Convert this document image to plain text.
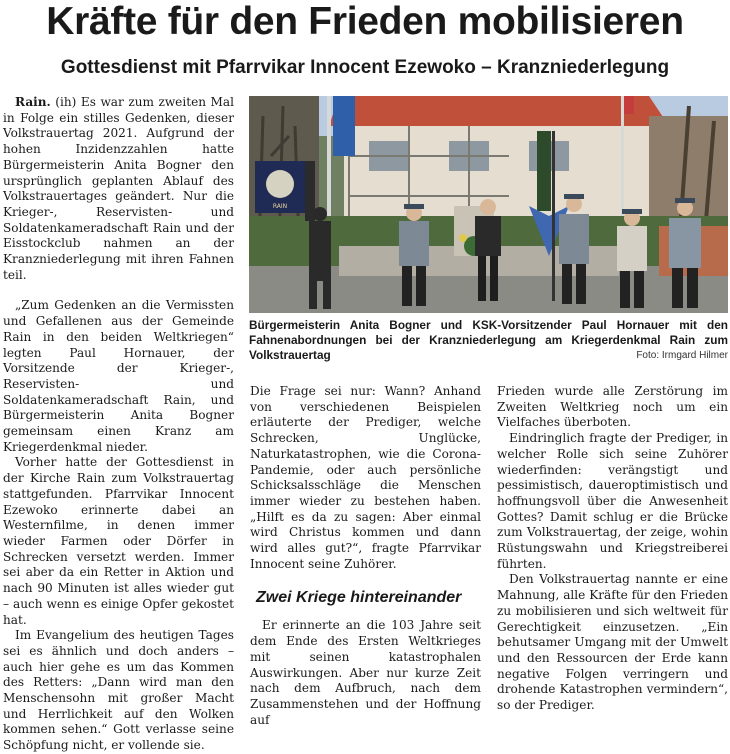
Kräfte für den Frieden mobilisieren
Gottesdienst mit Pfarrvikar Innocent Ezewoko – Kranzniederlegung

Rain. (ih) Es war zum zweiten Mal in Folge ein stilles Gedenken, dieser Volkstrauertag 2021. Aufgrund der hohen Inzidenzzahlen hatte Bürgermeisterin Anita Bogner den ursprünglich geplanten Ablauf des Volkstrauertages geändert. Nur die Krieger-, Reservisten- und Soldatenkameradschaft Rain und der Eisstockclub nahmen an der Kranzniederlegung mit ihren Fahnen teil.

„Zum Gedenken an die Vermissten und Gefallenen aus der Gemeinde Rain in den beiden Weltkriegen“ legten Paul Hornauer, der Vorsitzende der Krieger-, Reservisten- und Soldatenkameradschaft Rain, und Bürgermeisterin Anita Bogner gemeinsam einen Kranz am Kriegerdenkmal nieder.

Vorher hatte der Gottesdienst in der Kirche Rain zum Volkstrauertag stattgefunden. Pfarrvikar Innocent Ezewoko erinnerte dabei an Westernfilme, in denen immer wieder Farmen oder Dörfer in Schrecken versetzt werden. Immer sei aber da ein Retter in Aktion und nach 90 Minuten ist alles wieder gut – auch wenn es einige Opfer gekostet hat.

Im Evangelium des heutigen Tages sei es ähnlich und doch anders – auch hier gehe es um das Kommen des Retters: „Dann wird man den Menschensohn mit großer Macht und Herrlichkeit auf den Wolken kommen sehen.“ Gott verlasse seine Schöpfung nicht, er vollende sie.

RAIN
Bürgermeisterin Anita Bogner und KSK-Vorsitzender Paul Hornauer mit den Fahnenabordnungen bei der Kranzniederlegung am Kriegerdenkmal Rain zum Volkstrauertag	Foto: Irmgard Hilmer

Die Frage sei nur: Wann? Anhand von verschiedenen Beispielen erläuterte der Prediger, welche Schrecken, Unglücke, Naturkatastrophen, wie die Corona-Pandemie, oder auch persönliche Schicksalsschläge die Menschen immer wieder zu bestehen haben. „Hilft es da zu sagen: Aber einmal wird Christus kommen und dann wird alles gut?“, fragte Pfarrvikar Innocent seine Zuhörer.

Zwei Kriege hintereinander

Er erinnerte an die 103 Jahre seit dem Ende des Ersten Weltkrieges mit seinen katastrophalen Auswirkungen. Aber nur kurze Zeit nach dem Aufbruch, nach dem Zusammenstehen und der Hoffnung auf

Frieden wurde alle Zerstörung im Zweiten Weltkrieg noch um ein Vielfaches überboten.

Eindringlich fragte der Prediger, in welcher Rolle sich seine Zuhörer wiederfinden: verängstigt und pessimistisch, daueroptimistisch und hoffnungsvoll über die Anwesenheit Gottes? Damit schlug er die Brücke zum Volkstrauertag, der zeige, wohin Rüstungswahn und Kriegstreiberei führten.

Den Volkstrauertag nannte er eine Mahnung, alle Kräfte für den Frieden zu mobilisieren und sich weltweit für Gerechtigkeit einzusetzen. „Ein behutsamer Umgang mit der Umwelt und den Ressourcen der Erde kann negative Folgen verringern und drohende Katastrophen vermindern“, so der Prediger.
